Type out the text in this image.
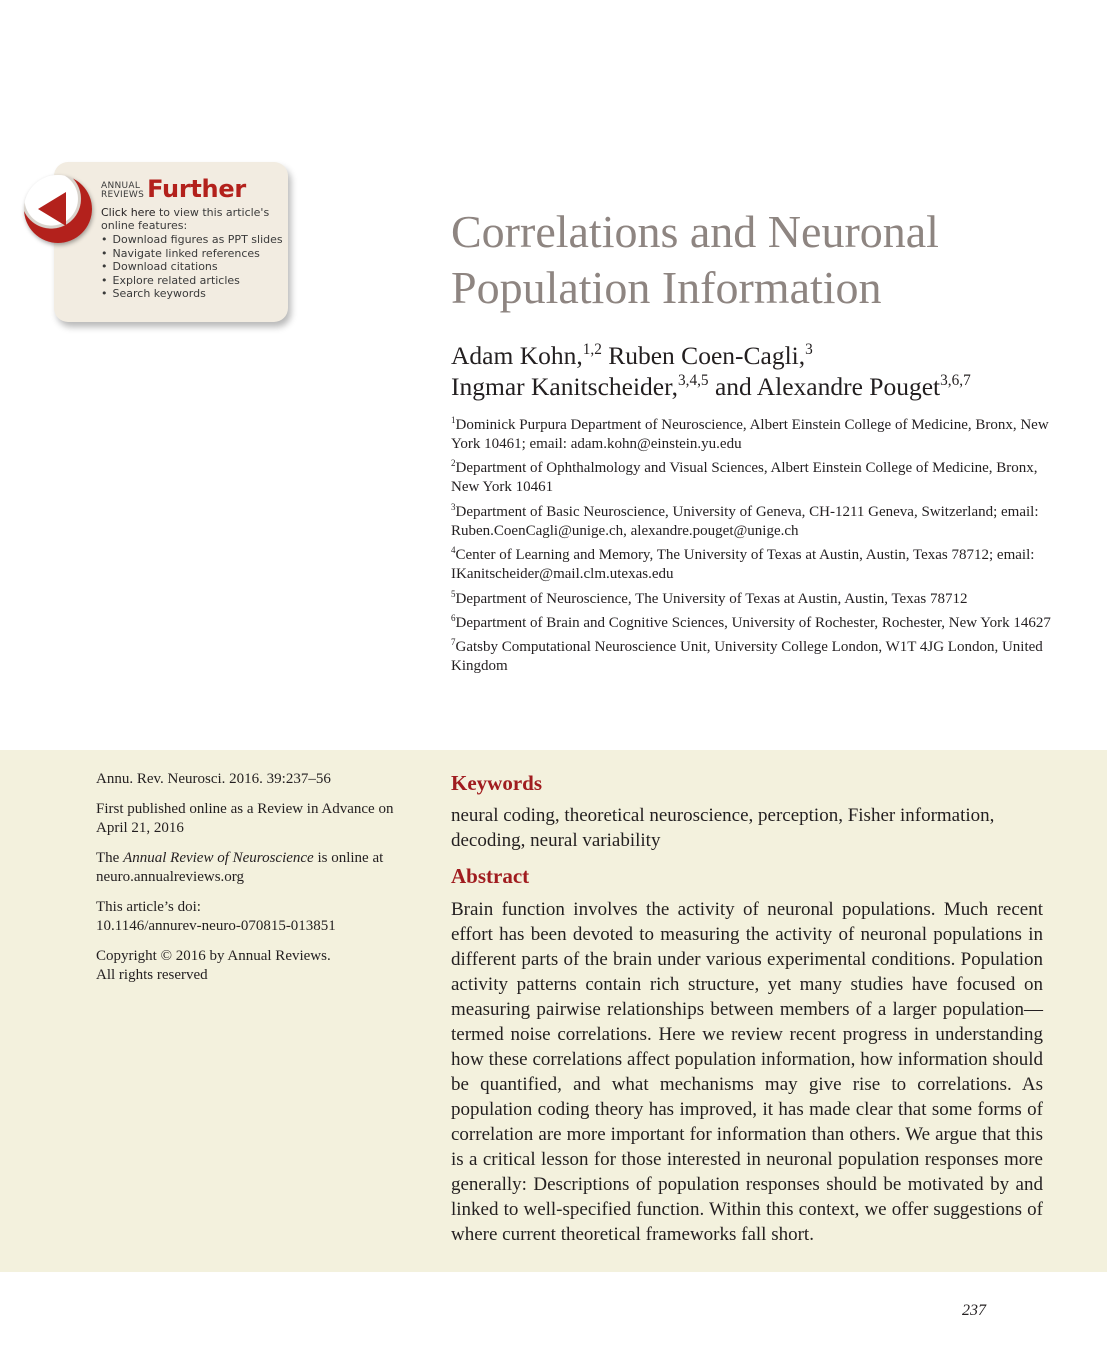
ANNUAL
REVIEWS Further
Click here to view this article's online features:
• Download figures as PPT slides
• Navigate linked references
• Download citations
• Explore related articles
• Search keywords
Correlations and Neuronal
Population Information
Adam Kohn,$^{1,2}$ Ruben Coen-Cagli,$^3$
Ingmar Kanitscheider,$^{3,4,5}$ and Alexandre Pouget$^{3,6,7}$

$^1$Dominick Purpura Department of Neuroscience, Albert Einstein College of Medicine, Bronx, New York 10461; email: adam.kohn@einstein.yu.edu

$^2$Department of Ophthalmology and Visual Sciences, Albert Einstein College of Medicine, Bronx, New York 10461

$^3$Department of Basic Neuroscience, University of Geneva, CH-1211 Geneva, Switzerland; email: Ruben.CoenCagli@unige.ch, alexandre.pouget@unige.ch

$^4$Center of Learning and Memory, The University of Texas at Austin, Austin, Texas 78712; email: IKanitscheider@mail.clm.utexas.edu

$^5$Department of Neuroscience, The University of Texas at Austin, Austin, Texas 78712

$^6$Department of Brain and Cognitive Sciences, University of Rochester, Rochester, New York 14627

$^7$Gatsby Computational Neuroscience Unit, University College London, W1T 4JG London, United Kingdom

Annu. Rev. Neurosci. 2016. 39:237–56

First published online as a Review in Advance on April 21, 2016

The Annual Review of Neuroscience is online at neuro.annualreviews.org

This article’s doi:
10.1146/annurev-neuro-070815-013851

Copyright © 2016 by Annual Reviews.
All rights reserved

Keywords

neural coding, theoretical neuroscience, perception, Fisher information, decoding, neural variability

Abstract

Brain function involves the activity of neuronal populations. Much recent effort has been devoted to measuring the activity of neuronal populations in different parts of the brain under various experimental conditions. Population activity patterns contain rich structure, yet many studies have focused on measuring pairwise relationships between members of a larger population—termed noise correlations. Here we review recent progress in understanding how these correlations affect population information, how information should be quantified, and what mechanisms may give rise to correlations. As population coding theory has improved, it has made clear that some forms of correlation are more important for information than others. We argue that this is a critical lesson for those interested in neuronal population responses more generally: Descriptions of population responses should be motivated by and linked to well-specified function. Within this context, we offer suggestions of where current theoretical frameworks fall short.

237
